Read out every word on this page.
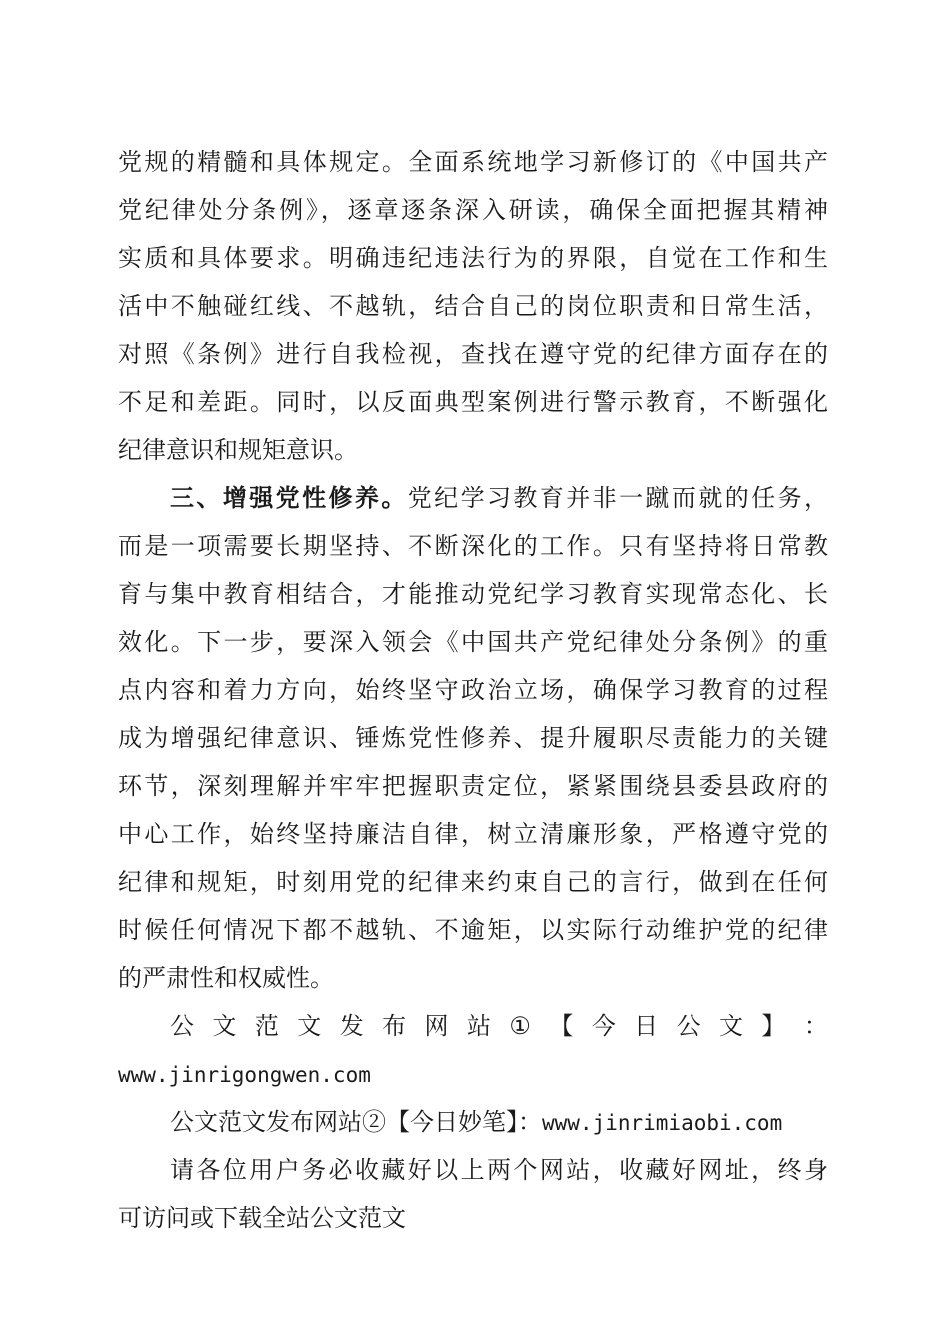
党规的精髓和具体规定。全面系统地学习新修订的《中国共产
党纪律处分条例》，逐章逐条深入研读，确保全面把握其精神
实质和具体要求。明确违纪违法行为的界限，自觉在工作和生
活中不触碰红线、不越轨，结合自己的岗位职责和日常生活，
对照《条例》进行自我检视，查找在遵守党的纪律方面存在的
不足和差距。同时，以反面典型案例进行警示教育，不断强化
纪律意识和规矩意识。
三、增强党性修养。党纪学习教育并非一蹴而就的任务，
而是一项需要长期坚持、不断深化的工作。只有坚持将日常教
育与集中教育相结合，才能推动党纪学习教育实现常态化、长
效化。下一步，要深入领会《中国共产党纪律处分条例》的重
点内容和着力方向，始终坚守政治立场，确保学习教育的过程
成为增强纪律意识、锤炼党性修养、提升履职尽责能力的关键
环节，深刻理解并牢牢把握职责定位，紧紧围绕县委县政府的
中心工作，始终坚持廉洁自律，树立清廉形象，严格遵守党的
纪律和规矩，时刻用党的纪律来约束自己的言行，做到在任何
时候任何情况下都不越轨、不逾矩，以实际行动维护党的纪律
的严肃性和权威性。
公 文 范 文 发 布 网 站 ① 【 今 日 公 文 】 ：
www.jinrigongwen.com
公文范文发布网站②【今日妙笔】：www.jinrimiaobi.com
请各位用户务必收藏好以上两个网站，收藏好网址，终身
可访问或下载全站公文范文
